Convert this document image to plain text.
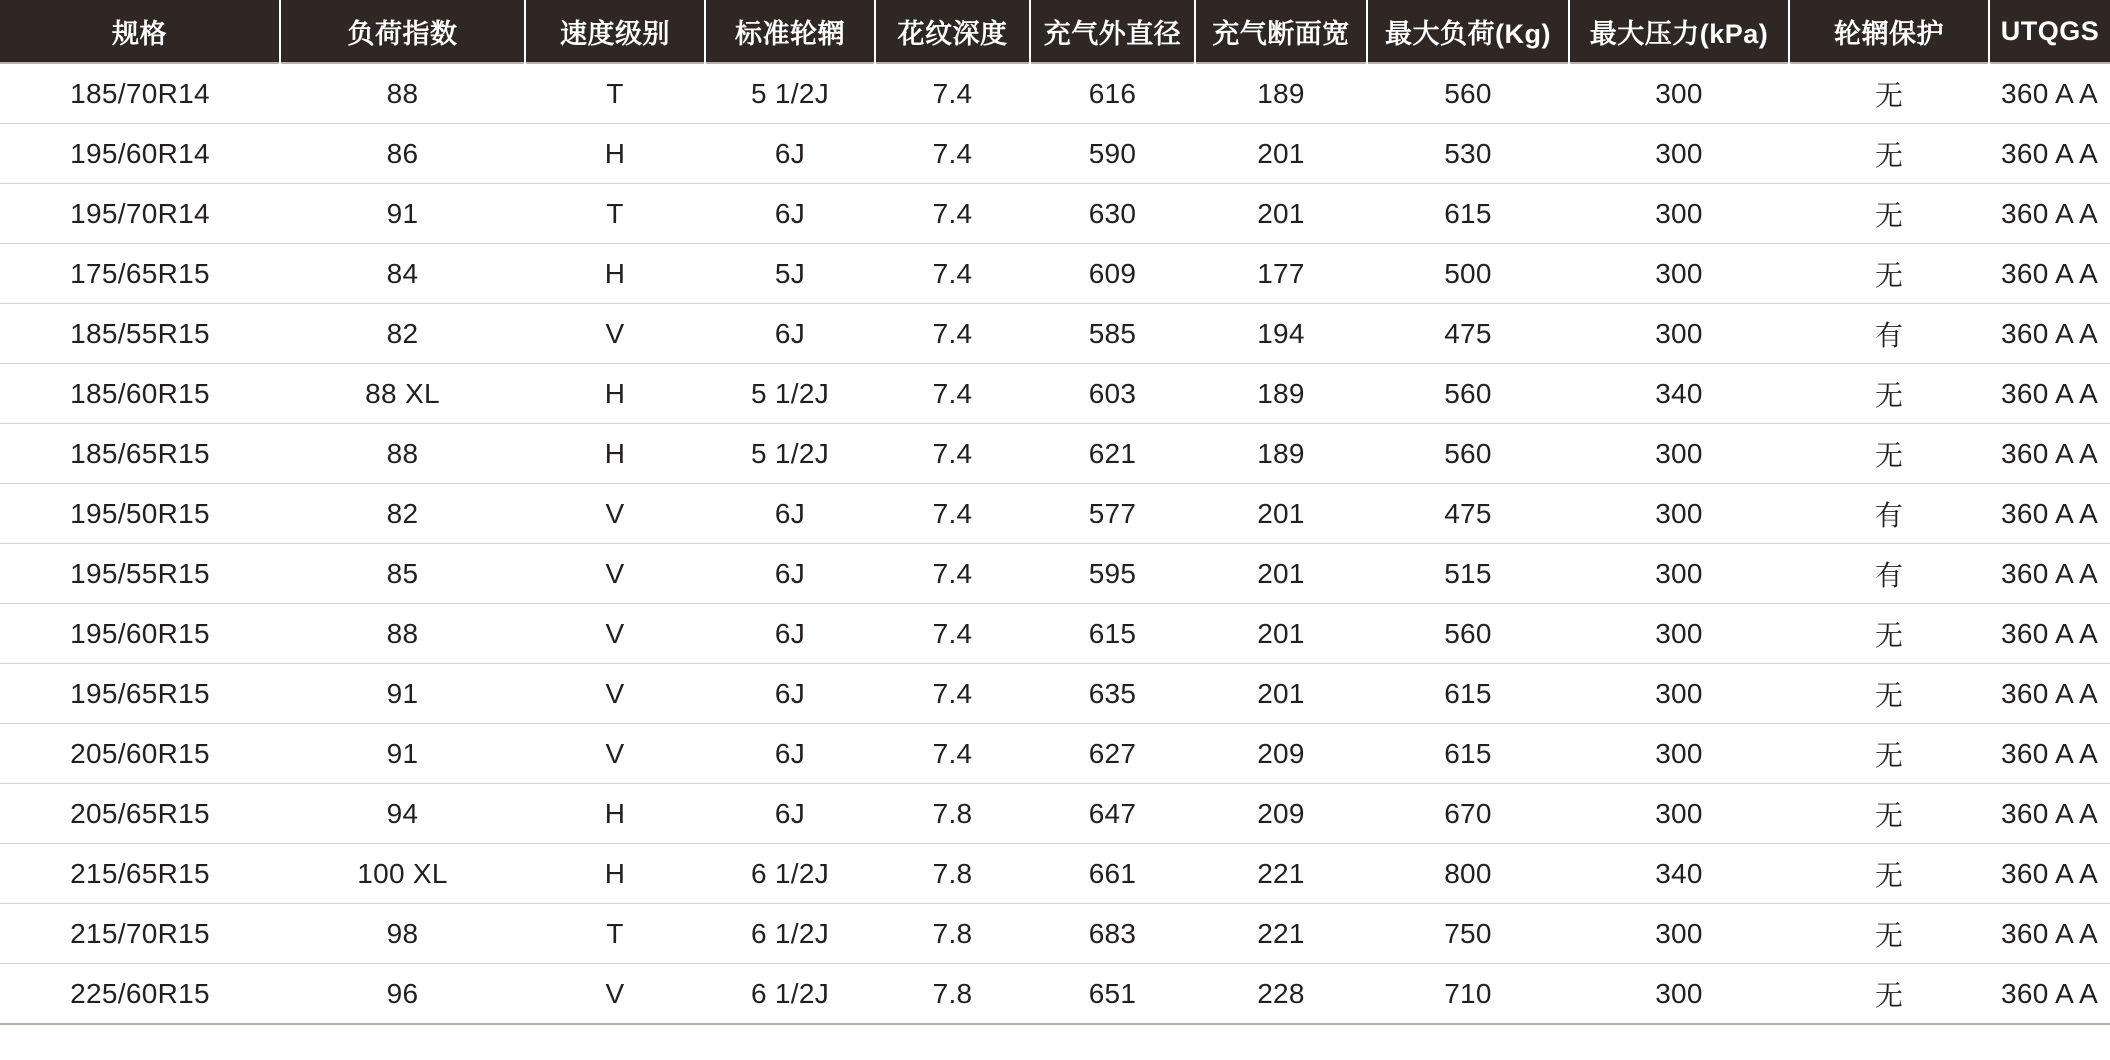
规格	负荷指数	速度级别	标准轮辋	花纹深度	充气外直径	充气断面宽	最大负荷(Kg)	最大压力(kPa)	轮辋保护	UTQGS
185/70R14	88	T	5 1/2J	7.4	616	189	560	300	无	360 A A
195/60R14	86	H	6J	7.4	590	201	530	300	无	360 A A
195/70R14	91	T	6J	7.4	630	201	615	300	无	360 A A
175/65R15	84	H	5J	7.4	609	177	500	300	无	360 A A
185/55R15	82	V	6J	7.4	585	194	475	300	有	360 A A
185/60R15	88 XL	H	5 1/2J	7.4	603	189	560	340	无	360 A A
185/65R15	88	H	5 1/2J	7.4	621	189	560	300	无	360 A A
195/50R15	82	V	6J	7.4	577	201	475	300	有	360 A A
195/55R15	85	V	6J	7.4	595	201	515	300	有	360 A A
195/60R15	88	V	6J	7.4	615	201	560	300	无	360 A A
195/65R15	91	V	6J	7.4	635	201	615	300	无	360 A A
205/60R15	91	V	6J	7.4	627	209	615	300	无	360 A A
205/65R15	94	H	6J	7.8	647	209	670	300	无	360 A A
215/65R15	100 XL	H	6 1/2J	7.8	661	221	800	340	无	360 A A
215/70R15	98	T	6 1/2J	7.8	683	221	750	300	无	360 A A
225/60R15	96	V	6 1/2J	7.8	651	228	710	300	无	360 A A
